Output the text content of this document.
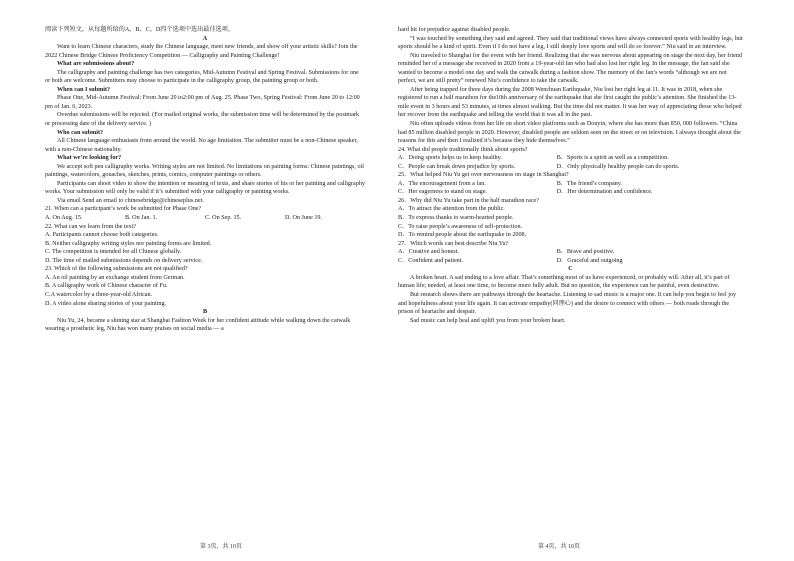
阅读下列短文，从每题所给的A、B、C、D四个选项中选出最佳选项。

A

Want to learn Chinese characters, study the Chinese language, meet new friends, and show off your artistic skills? Join the 2022 Chinese Bridge Chinese Proficiency Competition — Calligraphy and Painting Challenge!

What are submissions about?

The calligraphy and painting challenge has two categories, Mid-Autumn Festival and Spring Festival. Submissions for one or both are welcome. Submitters may choose to participate in the calligraphy group, the painting group or both.

When can I submit?

Phase One, Mid-Autumn Festival: From June 20 to2:00 pm of Aug. 25. Phase Two, Spring Festival: From June 20 to 12:00 pm of Jan. 6, 2023.

Overdue submissions will be rejected. (For mailed original works, the submission time will be determined by the postmark or processing date of the delivery service. )

Who can submit?

All Chinese language enthusiasts from around the world. No age limitation. The submitter must be a non-Chinese speaker, with a non-Chinese nationality.

What we’re looking for?

We accept soft pen calligraphy works. Writing styles are not limited. No limitations on painting forms: Chinese paintings, oil paintings, watercolors, gouaches, sketches, prints, comics, computer paintings or others.

Participants can shoot video to show the intention or meaning of texts, and share stories of his or her painting and calligraphy works. Your submission will only be valid if it’s submitted with your calligraphy or painting works.

Via email Send an email to chinesebridge@chineseplus.net.

21. When can a participant’s work be submitted for Phase One?

A. On Aug. 15.	B. On Jan. 1.	C. On Sep. 15.	D. On June 19.

22. What can we learn from the text?

A. Participants cannot choose both categories.

B. Neither calligraphy writing styles nor painting forms are limited.

C. The competition is intended for all Chinese globally.

D. The time of mailed submissions depends on delivery service.

23. Which of the following submissions are not qualified?

A. An oil painting by an exchange student from German.

B. A calligraphy work of Chinese character of Fu.

C.A watercolor by a three-year-old African.

D. A video alone sharing stories of your painting.

B

Niu Yu, 24, became a shining star at Shanghai Fashion Week for her confident attitude while walking down the catwalk wearing a prosthetic leg, Niu has won many praises on social media — a

hard hit for prejudice against disabled people.

“I was touched by something they said and agreed. They said that traditional views have always connected sports with healthy legs, but sports should be a kind of spirit. Even if I do not have a leg, I still deeply love sports and will do so forever.” Niu said in an interview.

Niu traveled to Shanghai for the event with her friend. Realizing that she was nervous about appearing on stage the next day, her friend reminded her of a message she received in 2020 from a 19-year-old fan who had also lost her right leg. In the message, the fan said she wanted to become a model one day and walk the catwalk during a fashion show. The memory of the fan’s words “although we are not perfect, we are still pretty” renewed Niu’s confidence to take the catwalk.

After being trapped for three days during the 2008 Wenchuan Earthquake, Niu lost her right leg at 11. It was in 2018, when she registered to run a half marathon for the10th anniversary of the earthquake that she first caught the public’s attention. She finished the 13- mile event in 3 hours and 53 minutes, at times almost walking. But the time did not matter. It was her way of appreciating those who helped her recover from the earthquake and telling the world that it was all in the past.

Niu often uploads videos from her life on short video platforms such as Douyin, where she has more than 850, 000 followers. “China had 85 million disabled people in 2020. However, disabled people are seldom seen on the street or on television. I always thought about the reasons for this and then I realized it’s because they hide themselves.”

24. What did people traditionally think about sports?

A．Doing sports helps us to keep healthy.	B．Sports is a spirit as well as a competition.
C．People can break down prejudice by sports.	D．Only physically healthy people can do sports.

25．What helped Niu Yu get over nervousness on stage in Shanghai?

A．The encouragement from a fan.	B．The friend’s company.
C．Her eagerness to stand on stage.	D．Her determination and confidence.

26．Why did Niu Yu take part in the half marathon race?

A．To attract the attention from the public.

B．To express thanks to warm-hearted people.

C．To raise people’s awareness of self-protection.

D．To remind people about the earthquake in 2008.

27．Which words can best describe Niu Yu?

A．Creative and honest.	B．Brave and positive.
C．Confident and patient.	D．Graceful and outgoing

C

A broken heart. A sad ending to a love affair. That’s something most of us have experienced, or probably will. After all, it’s part of human life; needed, at least one time, to become more fully adult. But no question, the experience can be painful, even destructive.

But research shows there are pathways through the heartache. Listening to sad music is a major one. It can help you begin to feel joy and hopefulness about your life again. It can activate empathy(同理心) and the desire to connect with others — both roads through the prison of heartache and despair.

Sad music can help heal and uplift you from your broken heart.

第 3页，共 10页	第 4页，共 10页
